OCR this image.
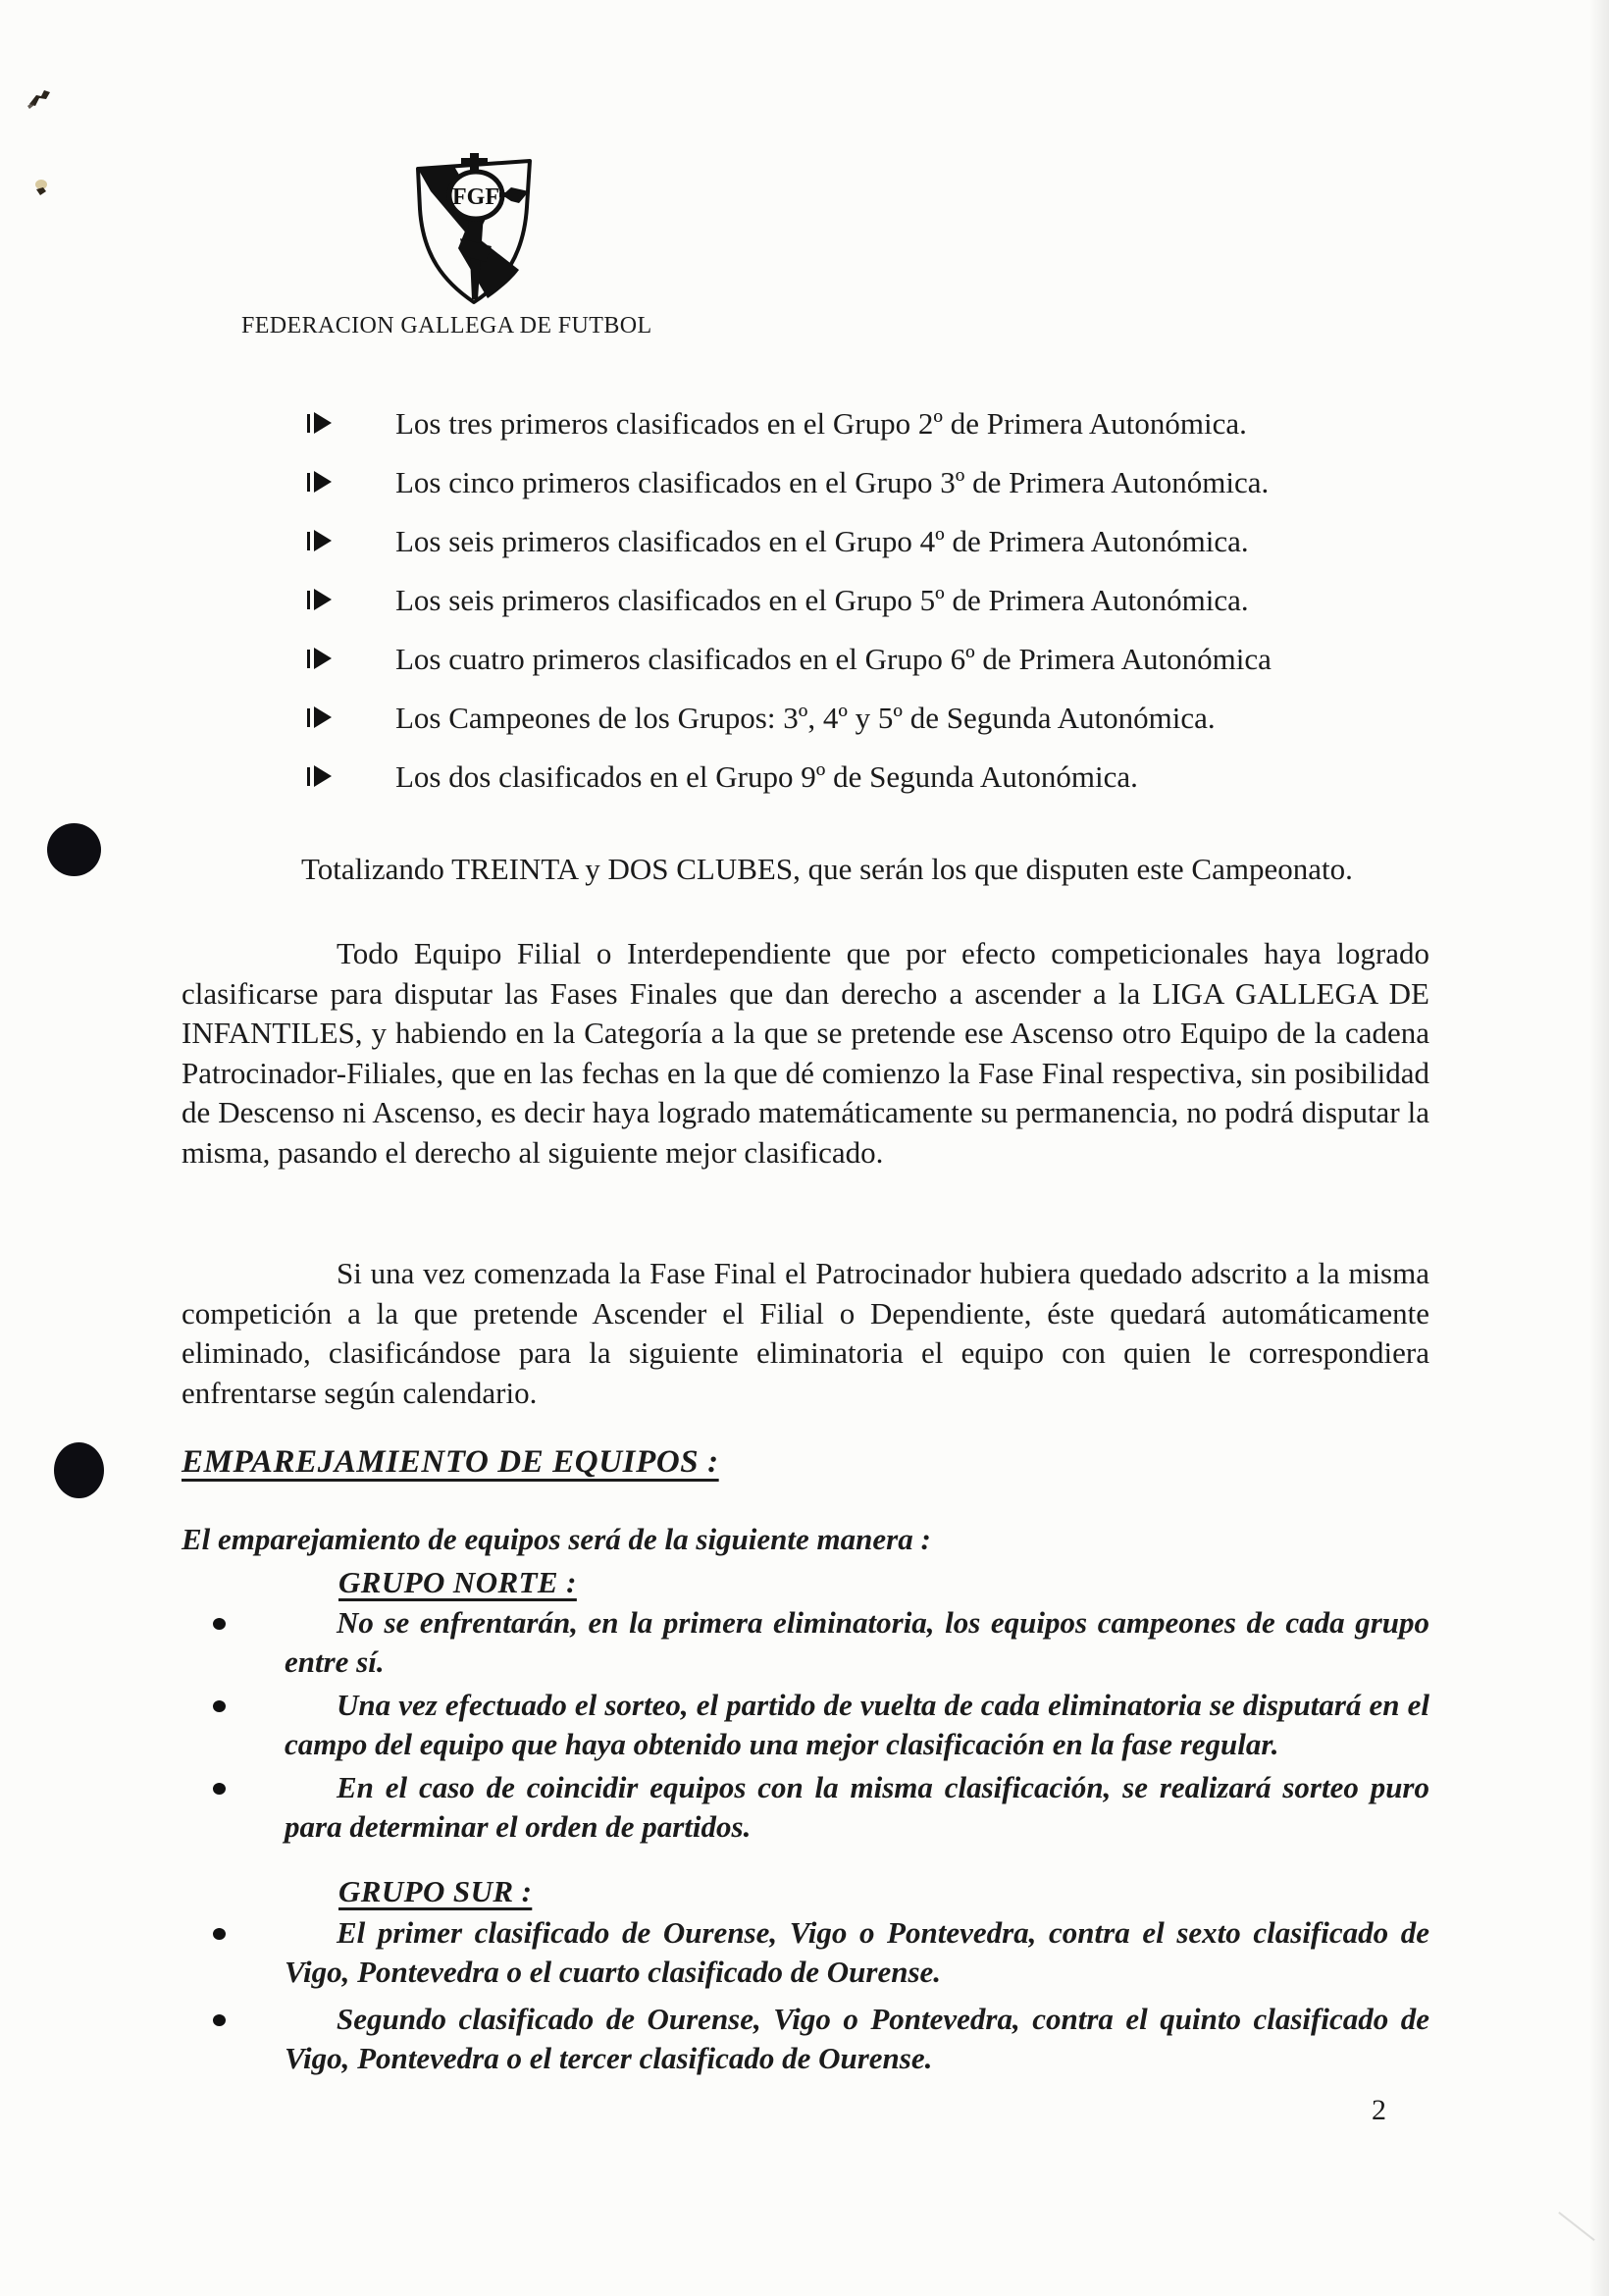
FGF
FEDERACION GALLEGA DE FUTBOL
Los tres primeros clasificados en el Grupo 2º de Primera Autonómica.
Los cinco primeros clasificados en el Grupo 3º de Primera Autonómica.
Los seis primeros clasificados en el Grupo 4º de Primera Autonómica.
Los seis primeros clasificados en el Grupo 5º de Primera Autonómica.
Los cuatro primeros clasificados en el Grupo 6º de Primera Autonómica
Los Campeones de los Grupos: 3º, 4º y 5º de Segunda Autonómica.
Los dos clasificados en el Grupo 9º de Segunda Autonómica.

Totalizando TREINTA y DOS CLUBES, que serán los que disputen este Campeonato.

Todo Equipo Filial o Interdependiente que por efecto competicionales haya logrado clasificarse para disputar las Fases Finales que dan derecho a ascender a la LIGA GALLEGA DE INFANTILES, y habiendo en la Categoría a la que se pretende ese Ascenso otro Equipo de la cadena Patrocinador-Filiales, que en las fechas en la que dé comienzo la Fase Final respectiva, sin posibilidad de Descenso ni Ascenso, es decir haya logrado matemáticamente su permanencia, no podrá disputar la misma, pasando el derecho al siguiente mejor clasificado.

Si una vez comenzada la Fase Final el Patrocinador hubiera quedado adscrito a la misma competición a la que pretende Ascender el Filial o Dependiente, éste quedará automáticamente eliminado, clasificándose para la siguiente eliminatoria el equipo con quien le correspondiera enfrentarse según calendario.

EMPAREJAMIENTO DE EQUIPOS :

El emparejamiento de equipos será de la siguiente manera :

GRUPO NORTE :
No se enfrentarán, en la primera eliminatoria, los equipos campeones de cada grupo entre sí.
Una vez efectuado el sorteo, el partido de vuelta de cada eliminatoria se disputará en el campo del equipo que haya obtenido una mejor clasificación en la fase regular.
En el caso de coincidir equipos con la misma clasificación, se realizará sorteo puro para determinar el orden de partidos.
GRUPO SUR :
El primer clasificado de Ourense, Vigo o Pontevedra, contra el sexto clasificado de Vigo, Pontevedra o el cuarto clasificado de Ourense.
Segundo clasificado de Ourense, Vigo o Pontevedra, contra el quinto clasificado de Vigo, Pontevedra o el tercer clasificado de Ourense.
2
